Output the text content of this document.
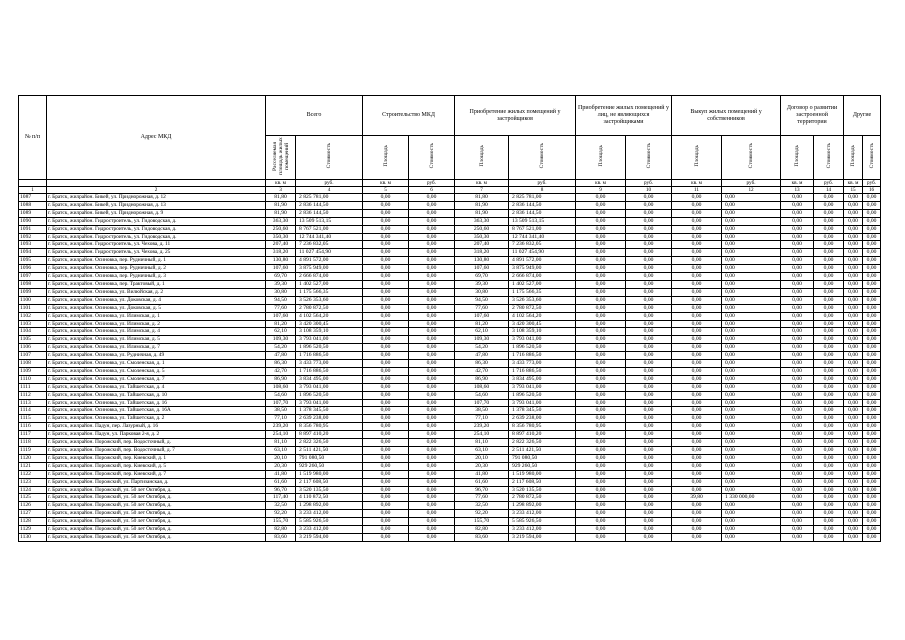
№ п/п	Адрес МКД	Всего		Строительство МКД		Приобретение жилых помещений у застройщиков		Приобретение жилых помещений у лиц, не являющихся застройщиками		Выкуп жилых помещений у собственников		Договор о развитии застроенной территории		Другие	
		Расселяемая площадь жилых помещений	Стоимость	Площадь	Стоимость	Площадь	Стоимость	Площадь	Стоимость	Площадь	Стоимость	Площадь	Стоимость	Площадь	Стоимость
		кв. м	руб.	кв. м	руб.	кв. м	руб.	кв. м	руб.	кв. м	руб.	кв. м	руб.	кв. м	руб.
1	2	3	4	5	6	7	8	9	10	11	12	13	14	15	16
1087	г. Братск, жилрайон. Бикей, ул. Приднорожная, д. 12	81,80	2 825 781,00	0,00	0,00	81,80	2 825 781,00	0,00	0,00	0,00	0,00	0,00	0,00	0,00	0,00
1088	г. Братск, жилрайон. Бикей, ул. Приднорожная, д. 13	81,90	2 836 144,50	0,00	0,00	81,90	2 836 144,50	0,00	0,00	0,00	0,00	0,00	0,00	0,00	0,00
1089	г. Братск, жилрайон. Бикей, ул. Приднорожная, д. 9	81,90	2 836 144,50	0,00	0,00	81,90	2 836 144,50	0,00	0,00	0,00	0,00	0,00	0,00	0,00	0,00
1090	г. Братск, жилрайон. Гидростроитель, ул. Гидоводская, д.	363,30	13 509 513,15	0,00	0,00	363,30	13 509 513,15	0,00	0,00	0,00	0,00	0,00	0,00	0,00	0,00
1091	г. Братск, жилрайон. Гидростроитель, ул. Гидоводская, д.	250,60	8 767 521,00	0,00	0,00	250,60	8 767 521,00	0,00	0,00	0,00	0,00	0,00	0,00	0,00	0,00
1092	г. Братск, жилрайон. Гидростроитель, ул. Гидоводская, д.	350,30	12 744 341,40	0,00	0,00	350,30	12 744 341,40	0,00	0,00	0,00	0,00	0,00	0,00	0,00	0,00
1093	г. Братск, жилрайон. Гидростроитель, ул. Чехова, д. 11	207,40	7 236 832,05	0,00	0,00	207,40	7 236 832,05	0,00	0,00	0,00	0,00	0,00	0,00	0,00	0,00
1094	г. Братск, жилрайон. Гидростроитель, ул. Чехова, д. 25	318,20	11 027 454,90	0,00	0,00	318,20	11 027 454,90	0,00	0,00	0,00	0,00	0,00	0,00	0,00	0,00
1095	г. Братск, жилрайон. Осиновка, пер. Рудничный, д. 1	130,80	4 891 572,00	0,00	0,00	130,80	4 891 572,00	0,00	0,00	0,00	0,00	0,00	0,00	0,00	0,00
1096	г. Братск, жилрайон. Осиновка, пер. Рудничный, д. 2	107,60	3 875 949,00	0,00	0,00	107,60	3 875 949,00	0,00	0,00	0,00	0,00	0,00	0,00	0,00	0,00
1097	г. Братск, жилрайон. Осиновка, пер. Рудничный, д. 3	69,70	2 666 874,00	0,00	0,00	69,70	2 666 874,00	0,00	0,00	0,00	0,00	0,00	0,00	0,00	0,00
1098	г. Братск, жилрайон. Осиновка, пер. Трактовый, д. 1	39,30	1 402 527,00	0,00	0,00	39,30	1 402 527,00	0,00	0,00	0,00	0,00	0,00	0,00	0,00	0,00
1099	г. Братск, жилрайон. Осиновка, ул. Вилюйская, д. 2	30,80	1 175 566,35	0,00	0,00	30,80	1 175 566,35	0,00	0,00	0,00	0,00	0,00	0,00	0,00	0,00
1100	г. Братск, жилрайон. Осиновка, ул. Доковская, д. 4	94,50	3 526 353,60	0,00	0,00	94,50	3 526 353,60	0,00	0,00	0,00	0,00	0,00	0,00	0,00	0,00
1101	г. Братск, жилрайон. Осиновка, ул. Доковская, д. 5	77,60	2 780 872,50	0,00	0,00	77,60	2 780 872,50	0,00	0,00	0,00	0,00	0,00	0,00	0,00	0,00
1102	г. Братск, жилрайон. Осиновка, ул. Илимская, д. 1	107,60	4 102 564,20	0,00	0,00	107,60	4 102 564,20	0,00	0,00	0,00	0,00	0,00	0,00	0,00	0,00
1103	г. Братск, жилрайон. Осиновка, ул. Илимская, д. 2	81,20	3 420 300,45	0,00	0,00	81,20	3 420 300,45	0,00	0,00	0,00	0,00	0,00	0,00	0,00	0,00
1104	г. Братск, жилрайон. Осиновка, ул. Илимская, д. 4	62,10	3 108 359,10	0,00	0,00	62,10	3 108 359,10	0,00	0,00	0,00	0,00	0,00	0,00	0,00	0,00
1105	г. Братск, жилрайон. Осиновка, ул. Илимская, д. 5	109,30	3 793 041,00	0,00	0,00	109,30	3 793 041,00	0,00	0,00	0,00	0,00	0,00	0,00	0,00	0,00
1106	г. Братск, жилрайон. Осиновка, ул. Илимская, д. 7	54,20	1 896 520,50	0,00	0,00	54,20	1 896 520,50	0,00	0,00	0,00	0,00	0,00	0,00	0,00	0,00
1107	г. Братск, жилрайон. Осиновка, ул. Рудничная, д. 49	47,80	1 716 886,50	0,00	0,00	47,80	1 716 886,50	0,00	0,00	0,00	0,00	0,00	0,00	0,00	0,00
1108	г. Братск, жилрайон. Осиновка, ул. Смоленская, д. 1	86,30	3 433 773,00	0,00	0,00	86,30	3 433 773,00	0,00	0,00	0,00	0,00	0,00	0,00	0,00	0,00
1109	г. Братск, жилрайон. Осиновка, ул. Смоленская, д. 5	42,70	1 716 886,50	0,00	0,00	42,70	1 716 886,50	0,00	0,00	0,00	0,00	0,00	0,00	0,00	0,00
1110	г. Братск, жилрайон. Осиновка, ул. Смоленская, д. 7	86,90	3 834 495,00	0,00	0,00	86,90	3 834 495,00	0,00	0,00	0,00	0,00	0,00	0,00	0,00	0,00
1111	г. Братск, жилрайон. Осиновка, ул. Тайшетская, д. 4	108,60	3 793 041,00	0,00	0,00	108,60	3 793 041,00	0,00	0,00	0,00	0,00	0,00	0,00	0,00	0,00
1112	г. Братск, жилрайон. Осиновка, ул. Тайшетская, д. 10	54,60	1 896 520,50	0,00	0,00	54,60	1 896 520,50	0,00	0,00	0,00	0,00	0,00	0,00	0,00	0,00
1113	г. Братск, жилрайон. Осиновка, ул. Тайшетская, д. 16	107,70	3 793 041,00	0,00	0,00	107,70	3 793 041,00	0,00	0,00	0,00	0,00	0,00	0,00	0,00	0,00
1114	г. Братск, жилрайон. Осиновка, ул. Тайшетская, д. 16А	38,50	1 378 345,50	0,00	0,00	38,50	1 378 345,50	0,00	0,00	0,00	0,00	0,00	0,00	0,00	0,00
1115	г. Братск, жилрайон. Осиновка, ул. Тайшетская, д. 2	77,10	2 639 238,00	0,00	0,00	77,10	2 639 238,00	0,00	0,00	0,00	0,00	0,00	0,00	0,00	0,00
1116	г. Братск, жилрайон. Падун, пер. Лазурный, д. 16	239,20	8 356 780,95	0,00	0,00	239,20	8 356 780,95	0,00	0,00	0,00	0,00	0,00	0,00	0,00	0,00
1117	г. Братск, жилрайон. Падун, ул. Парковая 2-я, д. 2	254,10	8 897 410,20	0,00	0,00	254,10	8 897 410,20	0,00	0,00	0,00	0,00	0,00	0,00	0,00	0,00
1118	г. Братск, жилрайон. Порожский, пер. Водосточный, д.	81,10	2 822 326,50	0,00	0,00	81,10	2 822 326,50	0,00	0,00	0,00	0,00	0,00	0,00	0,00	0,00
1119	г. Братск, жилрайон. Порожский, пер. Водосточный, д. 7	63,10	2 511 421,50	0,00	0,00	63,10	2 511 421,50	0,00	0,00	0,00	0,00	0,00	0,00	0,00	0,00
1120	г. Братск, жилрайон. Порожский, пер. Киевский, д. 1	20,10	791 080,50	0,00	0,00	20,10	791 080,50	0,00	0,00	0,00	0,00	0,00	0,00	0,00	0,00
1121	г. Братск, жилрайон. Порожский, пер. Киевский, д. 5	20,30	929 260,50	0,00	0,00	20,30	929 260,50	0,00	0,00	0,00	0,00	0,00	0,00	0,00	0,00
1122	г. Братск, жилрайон. Порожский, пер. Киевский, д. 7	41,80	1 519 980,00	0,00	0,00	41,80	1 519 980,00	0,00	0,00	0,00	0,00	0,00	0,00	0,00	0,00
1123	г. Братск, жилрайон. Порожский, ул. Партизанская, д.	61,60	2 117 608,50	0,00	0,00	61,60	2 117 608,50	0,00	0,00	0,00	0,00	0,00	0,00	0,00	0,00
1124	г. Братск, жилрайон. Порожский, ул. 50 лет Октября, д.	96,70	3 520 135,50	0,00	0,00	96,70	3 520 135,50	0,00	0,00	0,00	0,00	0,00	0,00	0,00	0,00
1125	г. Братск, жилрайон. Порожский, ул. 50 лет Октября, д.	117,40	4 110 872,50	0,00	0,00	77,60	2 780 872,50	0,00	0,00	39,80	1 330 000,00	0,00	0,00	0,00	0,00
1126	г. Братск, жилрайон. Порожский, ул. 50 лет Октября, д.	32,50	1 298 892,00	0,00	0,00	32,50	1 298 892,00	0,00	0,00	0,00	0,00	0,00	0,00	0,00	0,00
1127	г. Братск, жилрайон. Порожский, ул. 50 лет Октября, д.	92,20	3 233 412,00	0,00	0,00	92,20	3 233 412,00	0,00	0,00	0,00	0,00	0,00	0,00	0,00	0,00
1128	г. Братск, жилрайон. Порожский, ул. 50 лет Октября, д.	155,70	5 585 926,50	0,00	0,00	155,70	5 585 926,50	0,00	0,00	0,00	0,00	0,00	0,00	0,00	0,00
1129	г. Братск, жилрайон. Порожский, ул. 50 лет Октября, д.	82,80	3 233 412,00	0,00	0,00	82,80	3 233 412,00	0,00	0,00	0,00	0,00	0,00	0,00	0,00	0,00
1130	г. Братск, жилрайон. Порожский, ул. 50 лет Октября, д.	83,60	3 219 594,00	0,00	0,00	83,60	3 219 594,00	0,00	0,00	0,00	0,00	0,00	0,00	0,00	0,00
